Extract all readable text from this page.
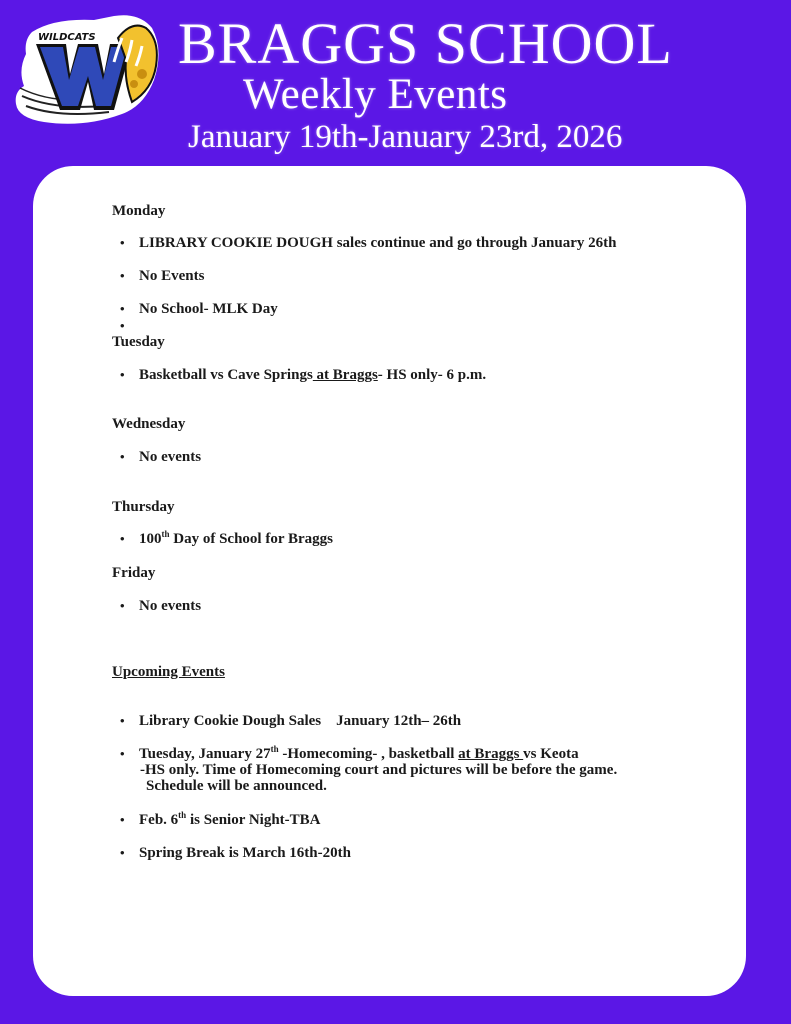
WILDCATS BRAGGS SCHOOL
Weekly Events
January 19th-January 23rd, 2026
Monday
• LIBRARY COOKIE DOUGH sales continue and go through January 26th
• No Events
• No School- MLK Day
•
Tuesday
• Basketball vs Cave Springs at Braggs- HS only- 6 p.m.
Wednesday
• No events
Thursday
• 100th Day of School for Braggs
Friday
• No events
Upcoming Events
• Library Cookie Dough Sales    January 12th– 26th
• Tuesday, January 27th -Homecoming- , basketball at Braggs vs Keota
-HS only. Time of Homecoming court and pictures will be before the game.
Schedule will be announced.
• Feb. 6th is Senior Night-TBA
• Spring Break is March 16th-20th
